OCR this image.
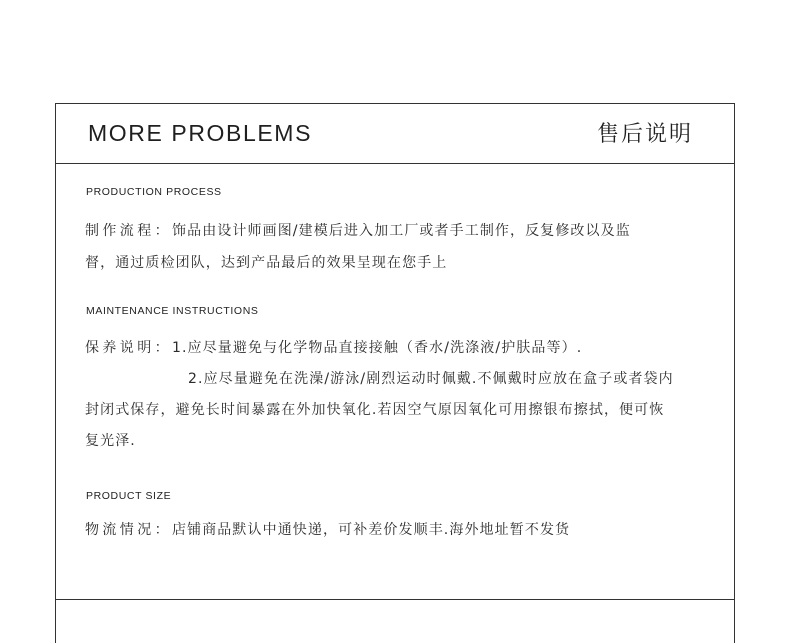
MORE PROBLEMS	售后说明
PRODUCTION PROCESS
制作流程：饰品由设计师画图/建模后进入加工厂或者手工制作，反复修改以及监
督，通过质检团队，达到产品最后的效果呈现在您手上
MAINTENANCE INSTRUCTIONS
保养说明：1.应尽量避免与化学物品直接接触（香水/洗涤液/护肤品等）.
2.应尽量避免在洗澡/游泳/剧烈运动时佩戴.不佩戴时应放在盒子或者袋内
封闭式保存，避免长时间暴露在外加快氧化.若因空气原因氧化可用擦银布擦拭，便可恢
复光泽.
PRODUCT SIZE
物流情况：店铺商品默认中通快递，可补差价发顺丰.海外地址暂不发货
